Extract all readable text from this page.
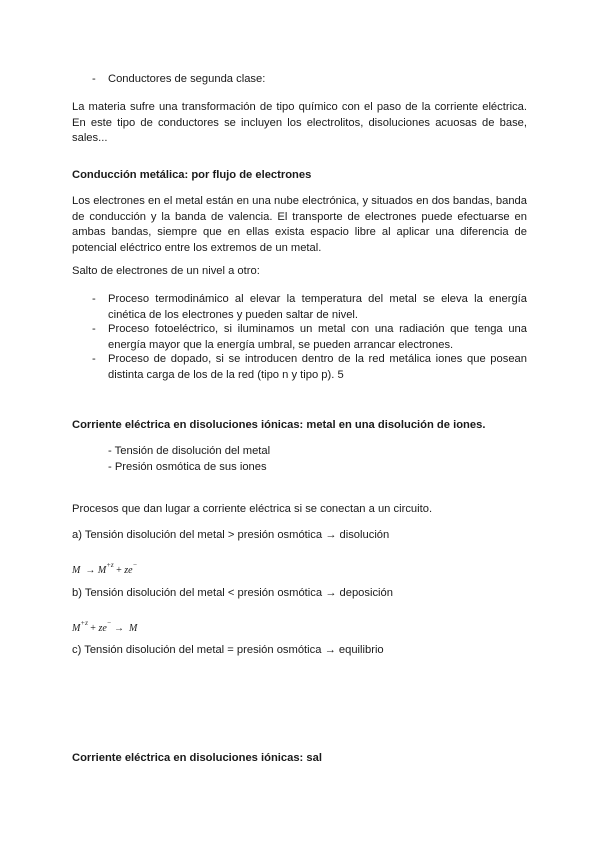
- Conductores de segunda clase:

La materia sufre una transformación de tipo químico con el paso de la corriente eléctrica. En este tipo de conductores se incluyen los electrolitos, disoluciones acuosas de base, sales...

Conducción metálica: por flujo de electrones

Los electrones en el metal están en una nube electrónica, y situados en dos bandas, banda de conducción y la banda de valencia. El transporte de electrones puede efectuarse en ambas bandas, siempre que en ellas exista espacio libre al aplicar una diferencia de potencial eléctrico entre los extremos de un metal.

Salto de electrones de un nivel a otro:

- Proceso termodinámico al elevar la temperatura del metal se eleva la energía cinética de los electrones y pueden saltar de nivel.
- Proceso fotoeléctrico, si iluminamos un metal con una radiación que tenga una energía mayor que la energía umbral, se pueden arrancar electrones.
- Proceso de dopado, si se introducen dentro de la red metálica iones que posean distinta carga de los de la red (tipo n y tipo p). 5

Corriente eléctrica en disoluciones iónicas: metal en una disolución de iones.

- Tensión de disolución del metal
- Presión osmótica de sus iones

Procesos que dan lugar a corriente eléctrica si se conectan a un circuito.

a) Tensión disolución del metal > presión osmótica → disolución

$M \to M^{+z} + ze^-$

b) Tensión disolución del metal < presión osmótica → deposición

$M^{+z} + ze^- \to M$

c) Tensión disolución del metal = presión osmótica → equilibrio

Corriente eléctrica en disoluciones iónicas: sal
